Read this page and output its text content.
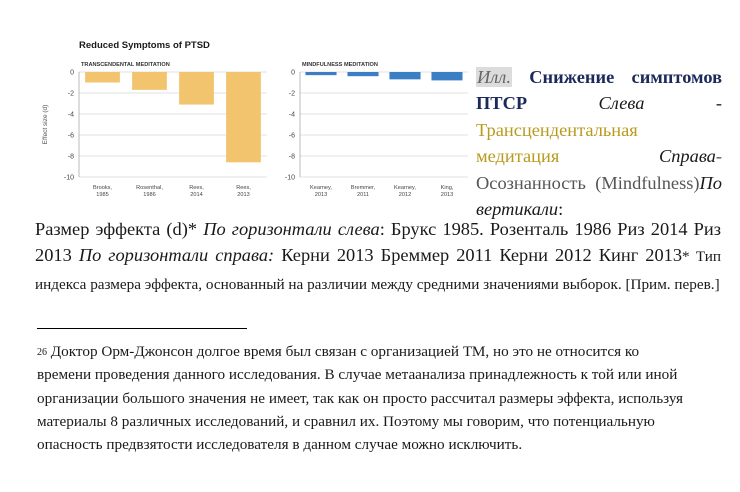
Reduced Symptoms of PTSD
Effect size (d)
TRANSCENDENTAL MEDITATION
0
-2
-4
-6
-8
-10
Brooks,
1985
Rosenthal,
1986
Rees,
2014
Rees,
2013
MINDFULNESS MEDITATION
0
-2
-4
-6
-8
-10
Kearney,
2013
Bremmer,
2011
Kearney,
2012
King,
2013
Илл. Снижение симптомов ПТСР	Слева	- Трансцендентальная медитация	Справа- Осознанность (Mindfulness)По вертикали:
Размер эффекта (d)* По горизонтали слева: Брукс 1985. Розенталь 1986 Риз 2014 Риз 2013 По горизонтали справа: Керни 2013 Бреммер 2011 Керни 2012 Кинг 2013* Тип индекса размера эффекта, основанный на различии между средними значениями выборок. [Прим. перев.]
$^{26}$ Доктор Орм-Джонсон долгое время был связан с организацией ТМ, но это не относится ко времени проведения данного исследования. В случае метаанализа принадлежность к той или иной организации большого значения не имеет, так как он просто рассчитал размеры эффекта, используя материалы 8 различных исследований, и сравнил их. Поэтому мы говорим, что потенциальную опасность предвзятости исследователя в данном случае можно исключить.
